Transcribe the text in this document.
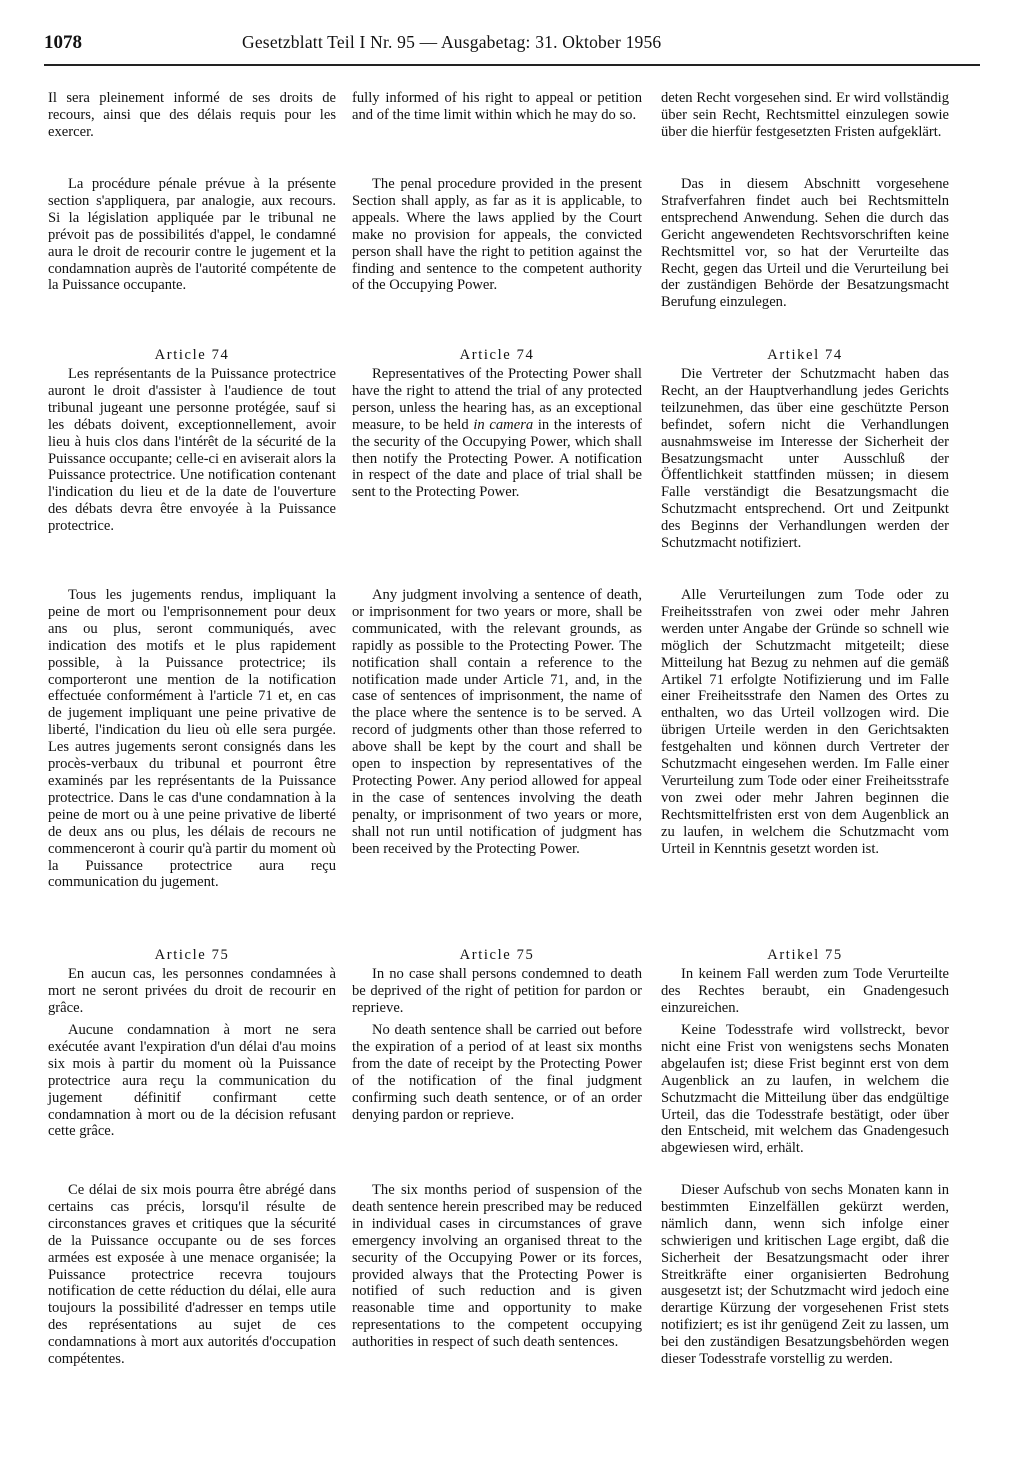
1078	Gesetzblatt Teil I Nr. 95 — Ausgabetag: 31. Oktober 1956

Il sera pleinement informé de ses droits de recours, ainsi que des délais requis pour les exercer.

La procédure pénale prévue à la présente section s'appliquera, par analogie, aux recours. Si la législation appliquée par le tribunal ne prévoit pas de possibilités d'appel, le condamné aura le droit de recourir contre le jugement et la condamnation auprès de l'autorité compétente de la Puissance occupante.

Article 74

Les représentants de la Puissance protectrice auront le droit d'assister à l'audience de tout tribunal jugeant une personne protégée, sauf si les débats doivent, exceptionnellement, avoir lieu à huis clos dans l'intérêt de la sécurité de la Puissance occupante; celle-ci en aviserait alors la Puissance protectrice. Une notification contenant l'indication du lieu et de la date de l'ouverture des débats devra être envoyée à la Puissance protectrice.

Tous les jugements rendus, impliquant la peine de mort ou l'emprisonnement pour deux ans ou plus, seront communiqués, avec indication des motifs et le plus rapidement possible, à la Puissance protectrice; ils comporteront une mention de la notification effectuée conformément à l'article 71 et, en cas de jugement impliquant une peine privative de liberté, l'indication du lieu où elle sera purgée. Les autres jugements seront consignés dans les procès-verbaux du tribunal et pourront être examinés par les représentants de la Puissance protectrice. Dans le cas d'une condamnation à la peine de mort ou à une peine privative de liberté de deux ans ou plus, les délais de recours ne commenceront à courir qu'à partir du moment où la Puissance protectrice aura reçu communication du jugement.

Article 75

En aucun cas, les personnes condamnées à mort ne seront privées du droit de recourir en grâce.

Aucune condamnation à mort ne sera exécutée avant l'expiration d'un délai d'au moins six mois à partir du moment où la Puissance protectrice aura reçu la communication du jugement définitif confirmant cette condamnation à mort ou de la décision refusant cette grâce.

Ce délai de six mois pourra être abrégé dans certains cas précis, lorsqu'il résulte de circonstances graves et critiques que la sécurité de la Puissance occupante ou de ses forces armées est exposée à une menace organisée; la Puissance protectrice recevra toujours notification de cette réduction du délai, elle aura toujours la possibilité d'adresser en temps utile des représentations au sujet de ces condamnations à mort aux autorités d'occupation compétentes.

fully informed of his right to appeal or petition and of the time limit within which he may do so.

The penal procedure provided in the present Section shall apply, as far as it is applicable, to appeals. Where the laws applied by the Court make no provision for appeals, the convicted person shall have the right to petition against the finding and sentence to the competent authority of the Occupying Power.

Article 74

Representatives of the Protecting Power shall have the right to attend the trial of any protected person, unless the hearing has, as an exceptional measure, to be held in camera in the interests of the security of the Occupying Power, which shall then notify the Protecting Power. A notification in respect of the date and place of trial shall be sent to the Protecting Power.

Any judgment involving a sentence of death, or imprisonment for two years or more, shall be communicated, with the relevant grounds, as rapidly as possible to the Protecting Power. The notification shall contain a reference to the notification made under Article 71, and, in the case of sentences of imprisonment, the name of the place where the sentence is to be served. A record of judgments other than those referred to above shall be kept by the court and shall be open to inspection by representatives of the Protecting Power. Any period allowed for appeal in the case of sentences involving the death penalty, or imprisonment of two years or more, shall not run until notification of judgment has been received by the Protecting Power.

Article 75

In no case shall persons condemned to death be deprived of the right of petition for pardon or reprieve.

No death sentence shall be carried out before the expiration of a period of at least six months from the date of receipt by the Protecting Power of the notification of the final judgment confirming such death sentence, or of an order denying pardon or reprieve.

The six months period of suspension of the death sentence herein prescribed may be reduced in individual cases in circumstances of grave emergency involving an organised threat to the security of the Occupying Power or its forces, provided always that the Protecting Power is notified of such reduction and is given reasonable time and opportunity to make representations to the competent occupying authorities in respect of such death sentences.

deten Recht vorgesehen sind. Er wird vollständig über sein Recht, Rechtsmittel einzulegen sowie über die hierfür festgesetzten Fristen aufgeklärt.

Das in diesem Abschnitt vorgesehene Strafverfahren findet auch bei Rechtsmitteln entsprechend Anwendung. Sehen die durch das Gericht angewendeten Rechtsvorschriften keine Rechtsmittel vor, so hat der Verurteilte das Recht, gegen das Urteil und die Verurteilung bei der zuständigen Behörde der Besatzungsmacht Berufung einzulegen.

Artikel 74

Die Vertreter der Schutzmacht haben das Recht, an der Hauptverhandlung jedes Gerichts teilzunehmen, das über eine geschützte Person befindet, sofern nicht die Verhandlungen ausnahmsweise im Interesse der Sicherheit der Besatzungsmacht unter Ausschluß der Öffentlichkeit stattfinden müssen; in diesem Falle verständigt die Besatzungsmacht die Schutzmacht entsprechend. Ort und Zeitpunkt des Beginns der Verhandlungen werden der Schutzmacht notifiziert.

Alle Verurteilungen zum Tode oder zu Freiheitsstrafen von zwei oder mehr Jahren werden unter Angabe der Gründe so schnell wie möglich der Schutzmacht mitgeteilt; diese Mitteilung hat Bezug zu nehmen auf die gemäß Artikel 71 erfolgte Notifizierung und im Falle einer Freiheitsstrafe den Namen des Ortes zu enthalten, wo das Urteil vollzogen wird. Die übrigen Urteile werden in den Gerichtsakten festgehalten und können durch Vertreter der Schutzmacht eingesehen werden. Im Falle einer Verurteilung zum Tode oder einer Freiheitsstrafe von zwei oder mehr Jahren beginnen die Rechtsmittelfristen erst von dem Augenblick an zu laufen, in welchem die Schutzmacht vom Urteil in Kenntnis gesetzt worden ist.

Artikel 75

In keinem Fall werden zum Tode Verurteilte des Rechtes beraubt, ein Gnadengesuch einzureichen.

Keine Todesstrafe wird vollstreckt, bevor nicht eine Frist von wenigstens sechs Monaten abgelaufen ist; diese Frist beginnt erst von dem Augenblick an zu laufen, in welchem die Schutzmacht die Mitteilung über das endgültige Urteil, das die Todesstrafe bestätigt, oder über den Entscheid, mit welchem das Gnadengesuch abgewiesen wird, erhält.

Dieser Aufschub von sechs Monaten kann in bestimmten Einzelfällen gekürzt werden, nämlich dann, wenn sich infolge einer schwierigen und kritischen Lage ergibt, daß die Sicherheit der Besatzungsmacht oder ihrer Streitkräfte einer organisierten Bedrohung ausgesetzt ist; der Schutzmacht wird jedoch eine derartige Kürzung der vorgesehenen Frist stets notifiziert; es ist ihr genügend Zeit zu lassen, um bei den zuständigen Besatzungsbehörden wegen dieser Todesstrafe vorstellig zu werden.
